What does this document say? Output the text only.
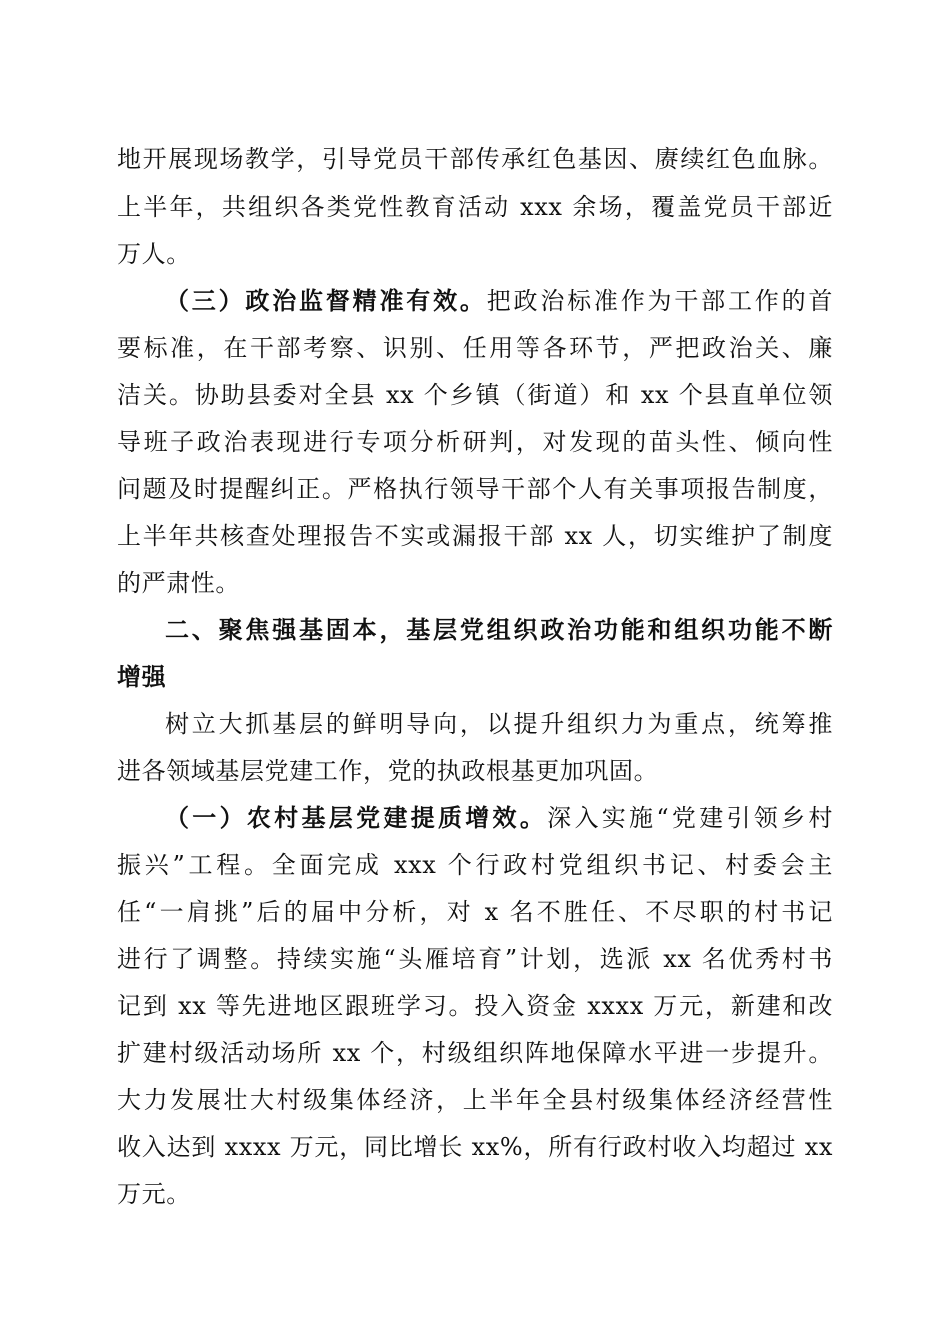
地开展现场教学，引导党员干部传承红色基因、赓续红色血脉。
上半年，共组织各类党性教育活动 xxx 余场，覆盖党员干部近
万人。
（三）政治监督精准有效。把政治标准作为干部工作的首
要标准，在干部考察、识别、任用等各环节，严把政治关、廉
洁关。协助县委对全县 xx 个乡镇（街道）和 xx 个县直单位领
导班子政治表现进行专项分析研判，对发现的苗头性、倾向性
问题及时提醒纠正。严格执行领导干部个人有关事项报告制度，
上半年共核查处理报告不实或漏报干部 xx 人，切实维护了制度
的严肃性。
二、聚焦强基固本，基层党组织政治功能和组织功能不断
增强
树立大抓基层的鲜明导向，以提升组织力为重点，统筹推
进各领域基层党建工作，党的执政根基更加巩固。
（一）农村基层党建提质增效。深入实施“党建引领乡村
振兴”工程。全面完成 xxx 个行政村党组织书记、村委会主
任“一肩挑”后的届中分析，对 x 名不胜任、不尽职的村书记
进行了调整。持续实施“头雁培育”计划，选派 xx 名优秀村书
记到 xx 等先进地区跟班学习。投入资金 xxxx 万元，新建和改
扩建村级活动场所 xx 个，村级组织阵地保障水平进一步提升。
大力发展壮大村级集体经济，上半年全县村级集体经济经营性
收入达到 xxxx 万元，同比增长 xx%，所有行政村收入均超过 xx
万元。
